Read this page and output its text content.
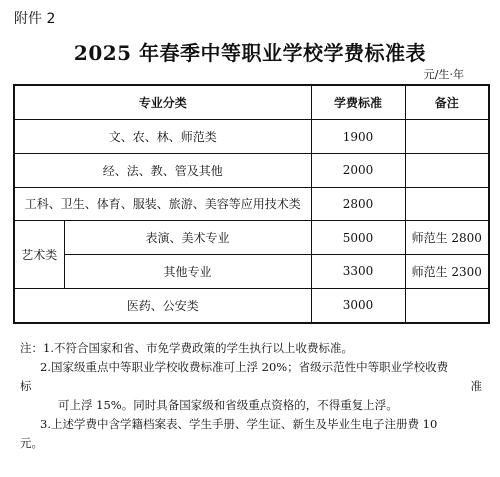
附件 2
2025 年春季中等职业学校学费标准表
元/生·年
专业分类		学费标准	备注
文、农、林、师范类		1900	
经、法、教、管及其他		2000	
工科、卫生、体育、服装、旅游、美容等应用技术类		2800	
艺术类	表演、美术专业	5000	师范生 2800
	其他专业	3300	师范生 2300
医药、公安类		3000	

注：1.不符合国家和省、市免学费政策的学生执行以上收费标准。

2.国家级重点中等职业学校收费标准可上浮 20%；省级示范性中等职业学校收费

标	准

可上浮 15%。同时具备国家级和省级重点资格的，不得重复上浮。

3.上述学费中含学籍档案表、学生手册、学生证、新生及毕业生电子注册费 10

元。
